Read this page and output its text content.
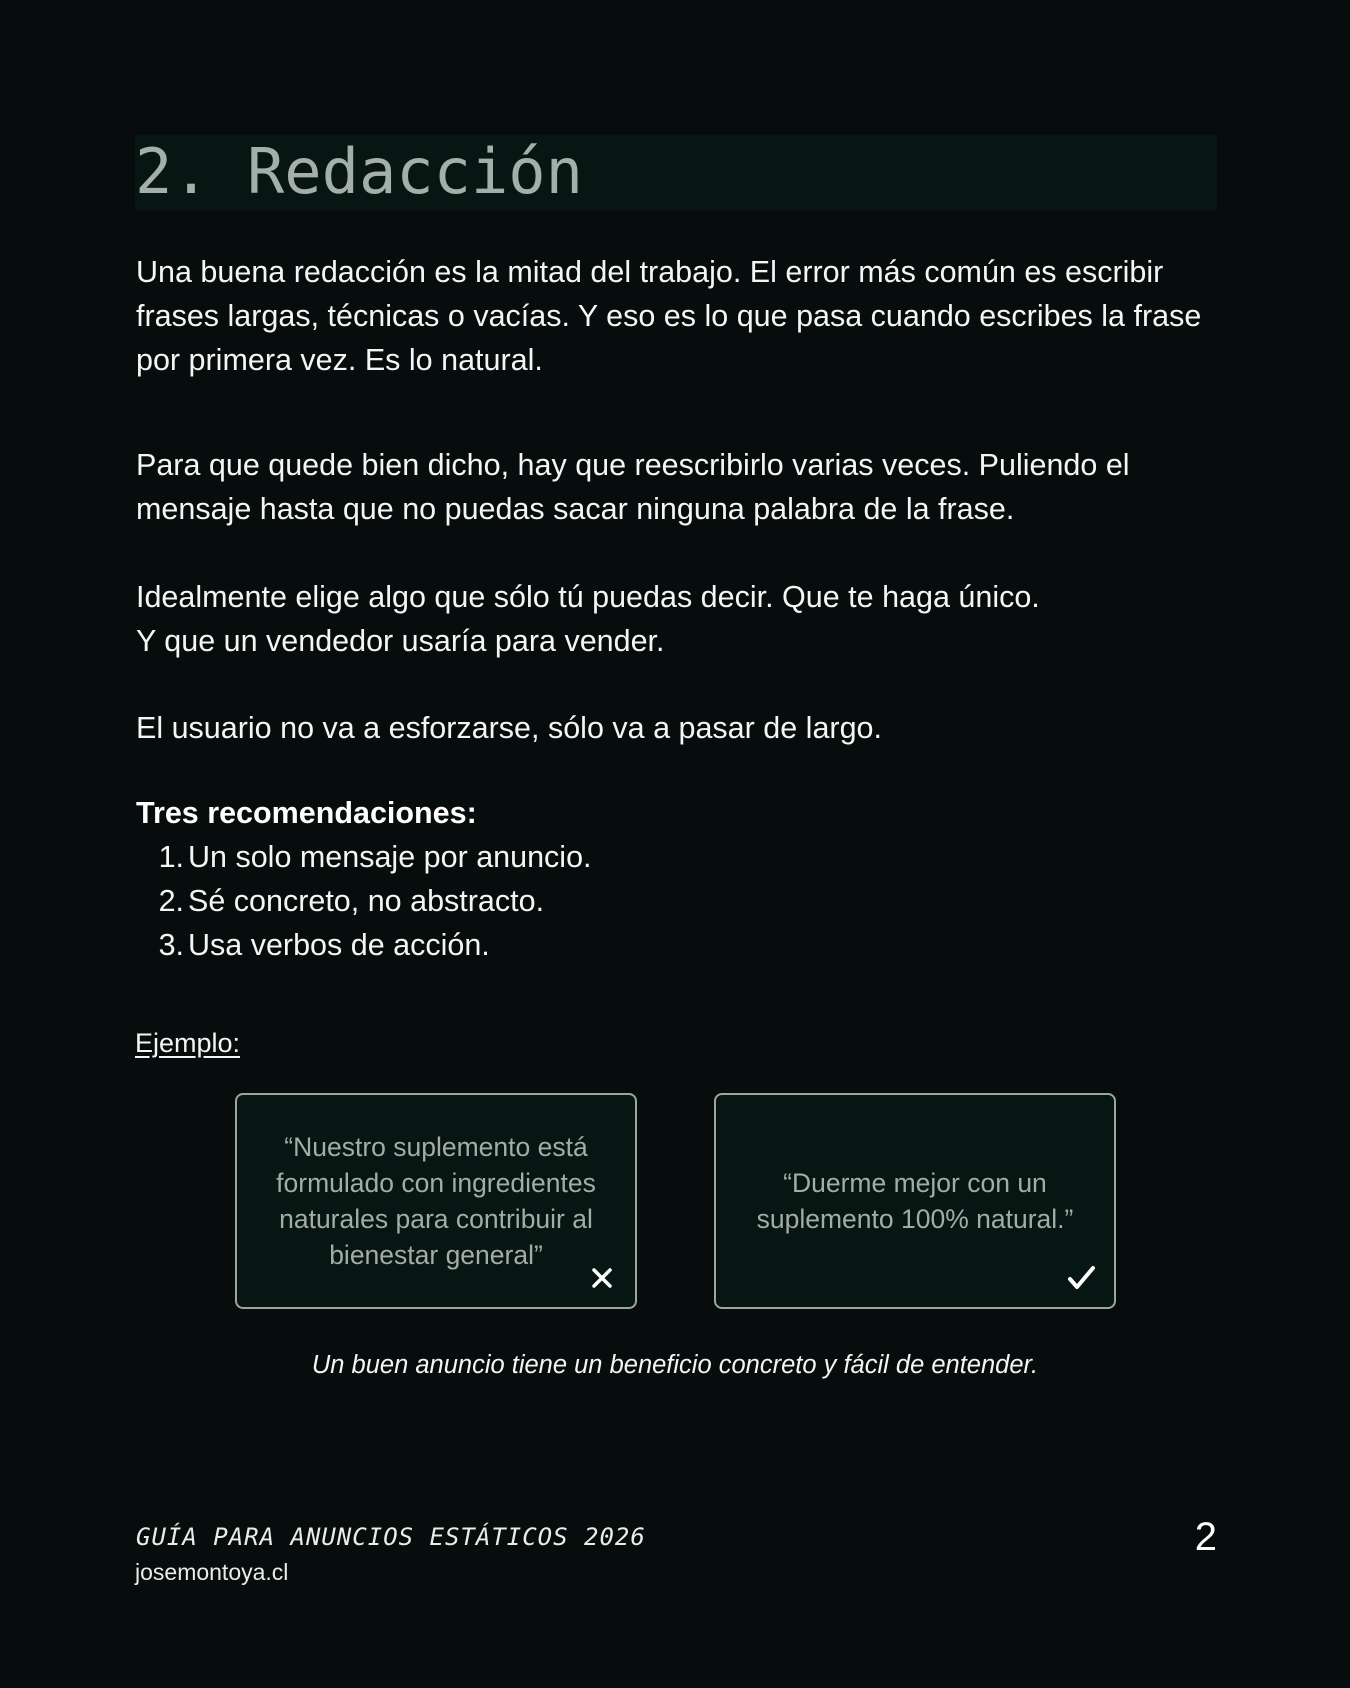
2. Redacción

Una buena redacción es la mitad del trabajo. El error más común es escribir frases largas, técnicas o vacías. Y eso es lo que pasa cuando escribes la frase por primera vez. Es lo natural.

Para que quede bien dicho, hay que reescribirlo varias veces. Puliendo el mensaje hasta que no puedas sacar ninguna palabra de la frase.

Idealmente elige algo que sólo tú puedas decir. Que te haga único.

Y que un vendedor usaría para vender.

El usuario no va a esforzarse, sólo va a pasar de largo.

Tres recomendaciones:
1. Un solo mensaje por anuncio.
2. Sé concreto, no abstracto.
3. Usa verbos de acción.
Ejemplo:
“Nuestro suplemento está formulado con ingredientes naturales para contribuir al bienestar general”
“Duerme mejor con un suplemento 100% natural.”
Un buen anuncio tiene un beneficio concreto y fácil de entender.
GUÍA PARA ANUNCIOS ESTÁTICOS 2026
josemontoya.cl
2
